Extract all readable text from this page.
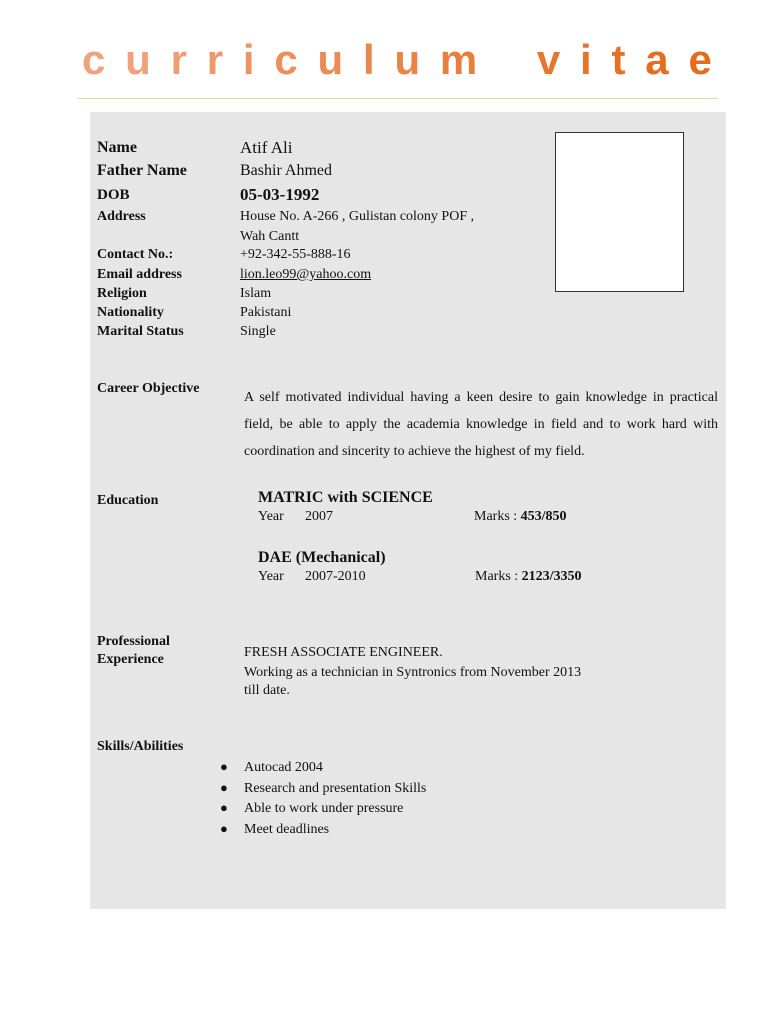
c u r r i c u l u m v i t a e
Name	Atif Ali
Father Name	Bashir Ahmed
DOB	05-03-1992
Address	House No. A-266 , Gulistan colony POF ,
Wah Cantt
Contact No.:	+92-342-55-888-16
Email address	lion.leo99@yahoo.com
Religion	Islam
Nationality	Pakistani
Marital Status	Single
Career Objective
A self motivated individual having a keen desire to gain knowledge in practical field, be able to apply the academia knowledge in field and to work hard with coordination and sincerity to achieve the highest of my field.
Education	MATRIC with SCIENCE
Year 2007	Marks : 453/850
DAE (Mechanical)
Year 2007-2010	Marks : 2123/3350
Professional
Experience	FRESH ASSOCIATE ENGINEER.
Working as a technician in Syntronics from November 2013
till date.
Skills/Abilities
● Autocad 2004
● Research and presentation Skills
● Able to work under pressure
● Meet deadlines
